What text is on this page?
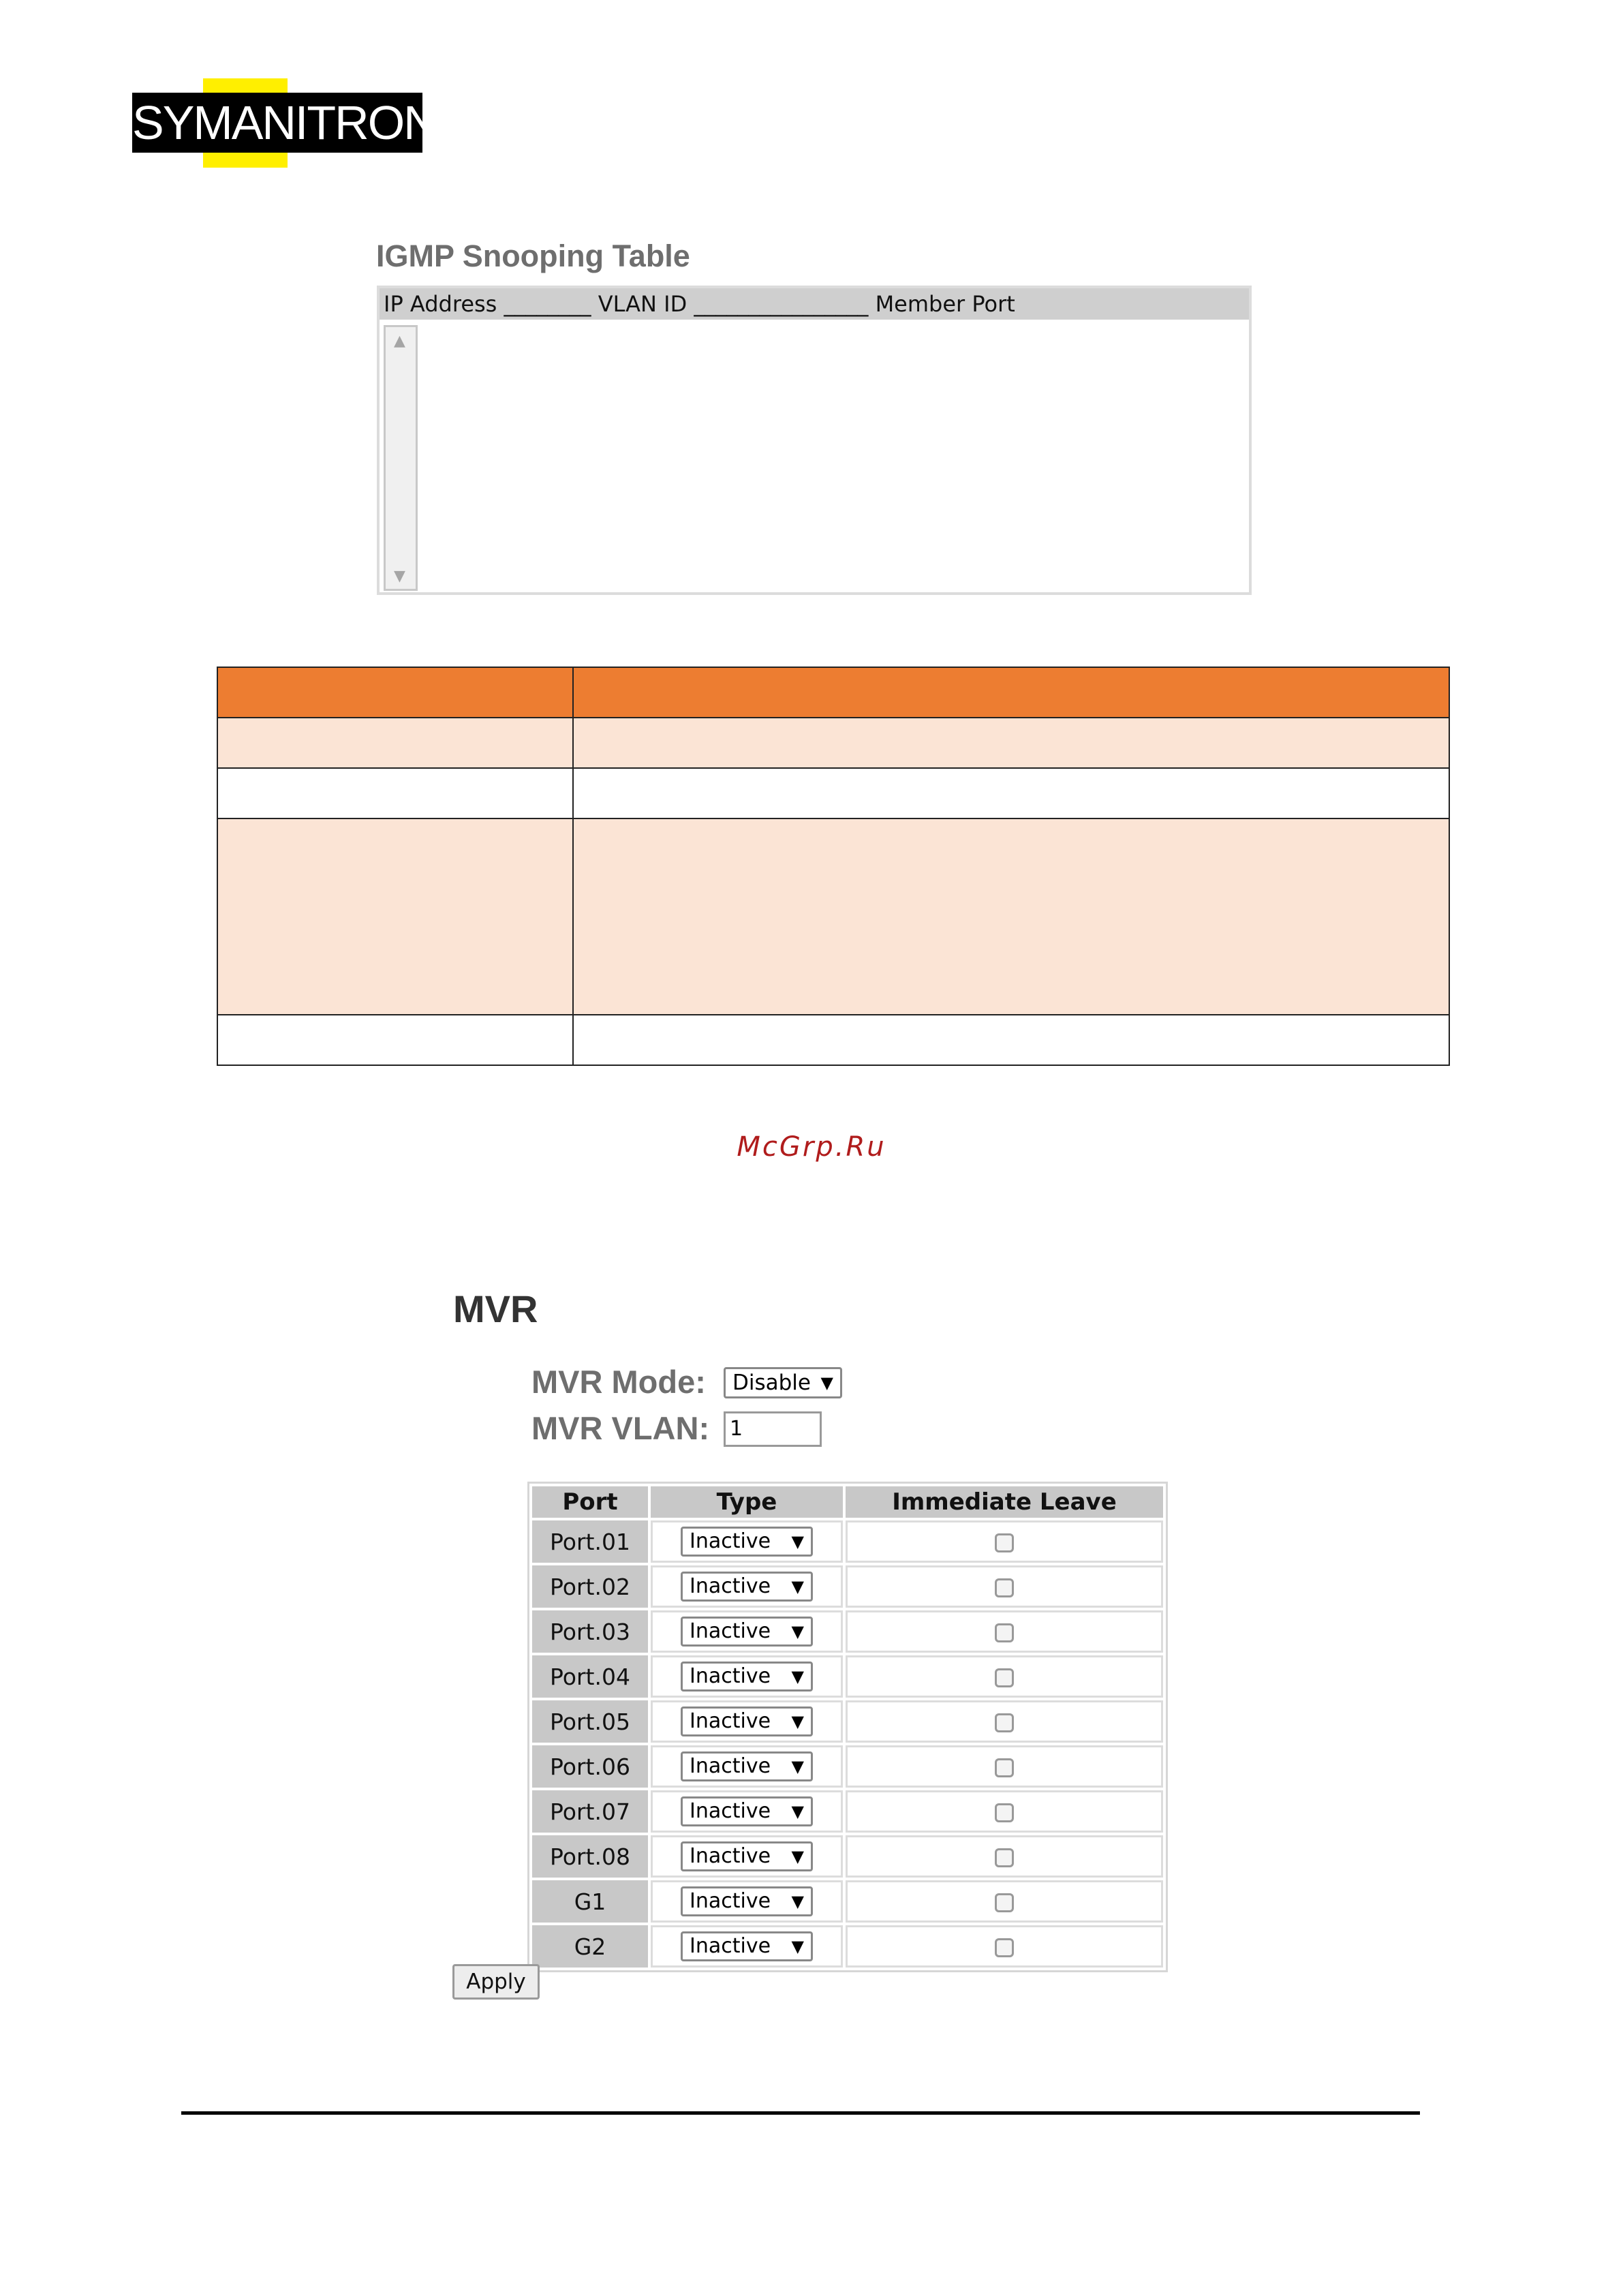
SYMANITRON
IGMP Snooping Table
IP Address ________ VLAN ID ________________ Member Port
▲
▼

McGrp.Ru
MVR
MVR Mode:	Disable ▼
MVR VLAN: 1
Port	Type	Immediate Leave
Port.01	Inactive ▼	

Port.02	Inactive ▼	

Port.03	Inactive ▼	

Port.04	Inactive ▼	

Port.05	Inactive ▼	

Port.06	Inactive ▼	

Port.07	Inactive ▼	

Port.08	Inactive ▼	

G1	Inactive ▼	

G2	Inactive ▼	

Apply
